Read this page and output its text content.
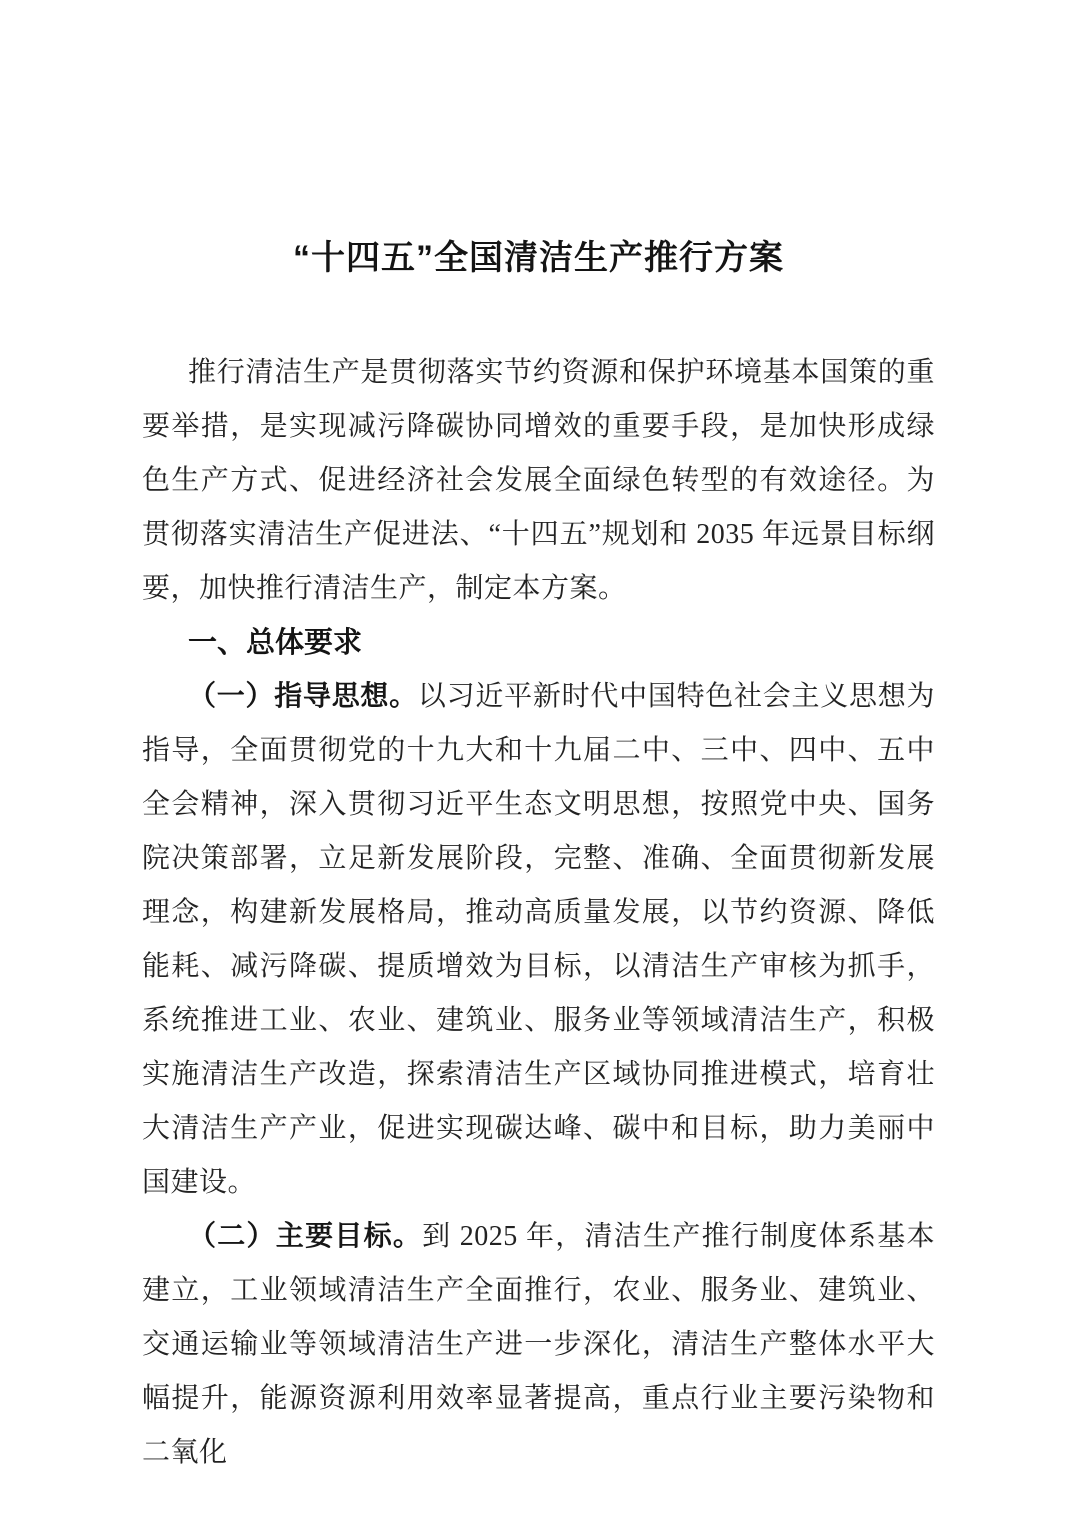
“十四五”全国清洁生产推行方案

推行清洁生产是贯彻落实节约资源和保护环境基本国策的重要举措，是实现减污降碳协同增效的重要手段，是加快形成绿色生产方式、促进经济社会发展全面绿色转型的有效途径。为贯彻落实清洁生产促进法、“十四五”规划和 2035 年远景目标纲要，加快推行清洁生产，制定本方案。

一、总体要求

（一）指导思想。以习近平新时代中国特色社会主义思想为指导，全面贯彻党的十九大和十九届二中、三中、四中、五中全会精神，深入贯彻习近平生态文明思想，按照党中央、国务院决策部署，立足新发展阶段，完整、准确、全面贯彻新发展理念，构建新发展格局，推动高质量发展，以节约资源、降低能耗、减污降碳、提质增效为目标，以清洁生产审核为抓手，系统推进工业、农业、建筑业、服务业等领域清洁生产，积极实施清洁生产改造，探索清洁生产区域协同推进模式，培育壮大清洁生产产业，促进实现碳达峰、碳中和目标，助力美丽中国建设。

（二）主要目标。到 2025 年，清洁生产推行制度体系基本建立，工业领域清洁生产全面推行，农业、服务业、建筑业、交通运输业等领域清洁生产进一步深化，清洁生产整体水平大幅提升，能源资源利用效率显著提高，重点行业主要污染物和二氧化
